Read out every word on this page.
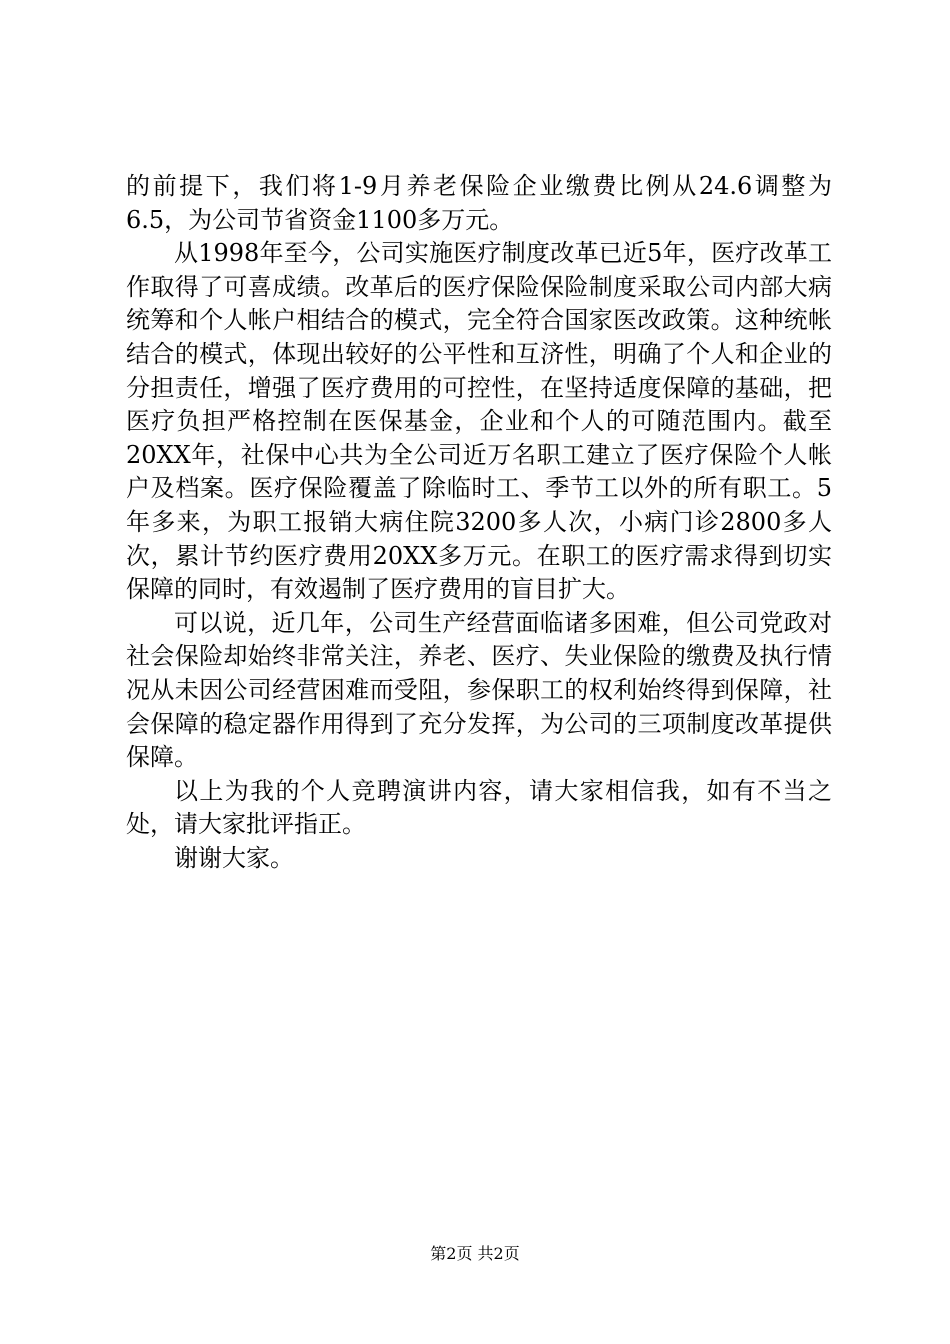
的前提下，我们将1-9月养老保险企业缴费比例从24.6调整为6.5，为公司节省资金1100多万元。

从1998年至今，公司实施医疗制度改革已近5年，医疗改革工作取得了可喜成绩。改革后的医疗保险保险制度采取公司内部大病统筹和个人帐户相结合的模式，完全符合国家医改政策。这种统帐结合的模式，体现出较好的公平性和互济性，明确了个人和企业的分担责任，增强了医疗费用的可控性，在坚持适度保障的基础，把医疗负担严格控制在医保基金，企业和个人的可随范围内。截至20XX年，社保中心共为全公司近万名职工建立了医疗保险个人帐户及档案。医疗保险覆盖了除临时工、季节工以外的所有职工。5年多来，为职工报销大病住院3200多人次，小病门诊2800多人次，累计节约医疗费用20XX多万元。在职工的医疗需求得到切实保障的同时，有效遏制了医疗费用的盲目扩大。

可以说，近几年，公司生产经营面临诸多困难，但公司党政对社会保险却始终非常关注，养老、医疗、失业保险的缴费及执行情况从未因公司经营困难而受阻，参保职工的权利始终得到保障，社会保障的稳定器作用得到了充分发挥，为公司的三项制度改革提供保障。

以上为我的个人竞聘演讲内容，请大家相信我，如有不当之处，请大家批评指正。

谢谢大家。

第2页 共2页
